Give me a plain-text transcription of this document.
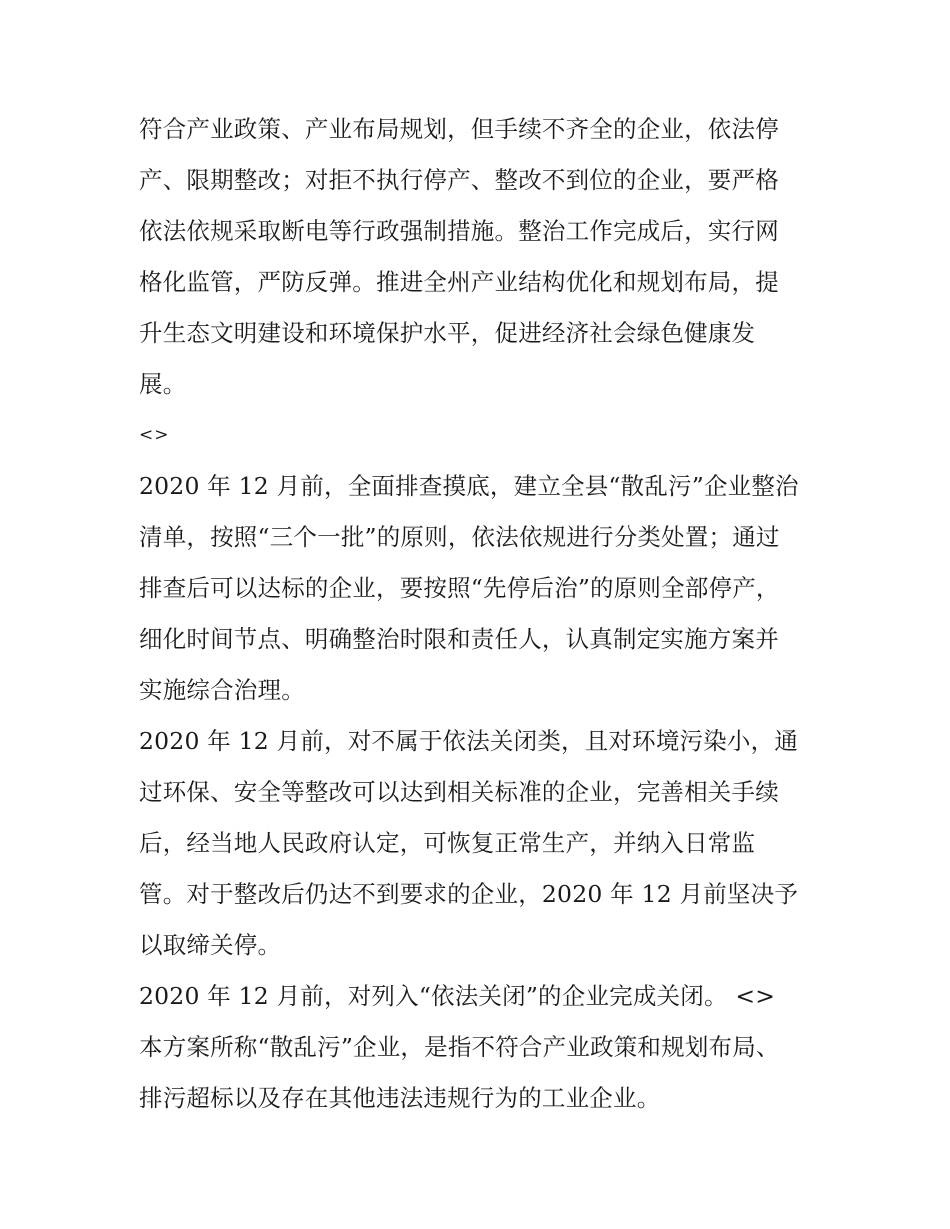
符合产业政策、产业布局规划，但手续不齐全的企业，依法停
产、限期整改；对拒不执行停产、整改不到位的企业，要严格
依法依规采取断电等行政强制措施。整治工作完成后，实行网
格化监管，严防反弹。推进全州产业结构优化和规划布局，提
升生态文明建设和环境保护水平，促进经济社会绿色健康发
展。
<>
2020 年 12 月前，全面排查摸底，建立全县“散乱污”企业整治
清单，按照“三个一批”的原则，依法依规进行分类处置；通过
排查后可以达标的企业，要按照“先停后治”的原则全部停产，
细化时间节点、明确整治时限和责任人，认真制定实施方案并
实施综合治理。
2020 年 12 月前，对不属于依法关闭类，且对环境污染小，通
过环保、安全等整改可以达到相关标准的企业，完善相关手续
后，经当地人民政府认定，可恢复正常生产，并纳入日常监
管。对于整改后仍达不到要求的企业，2020 年 12 月前坚决予
以取缔关停。
2020 年 12 月前，对列入“依法关闭”的企业完成关闭。 <>
本方案所称“散乱污”企业，是指不符合产业政策和规划布局、
排污超标以及存在其他违法违规行为的工业企业。
